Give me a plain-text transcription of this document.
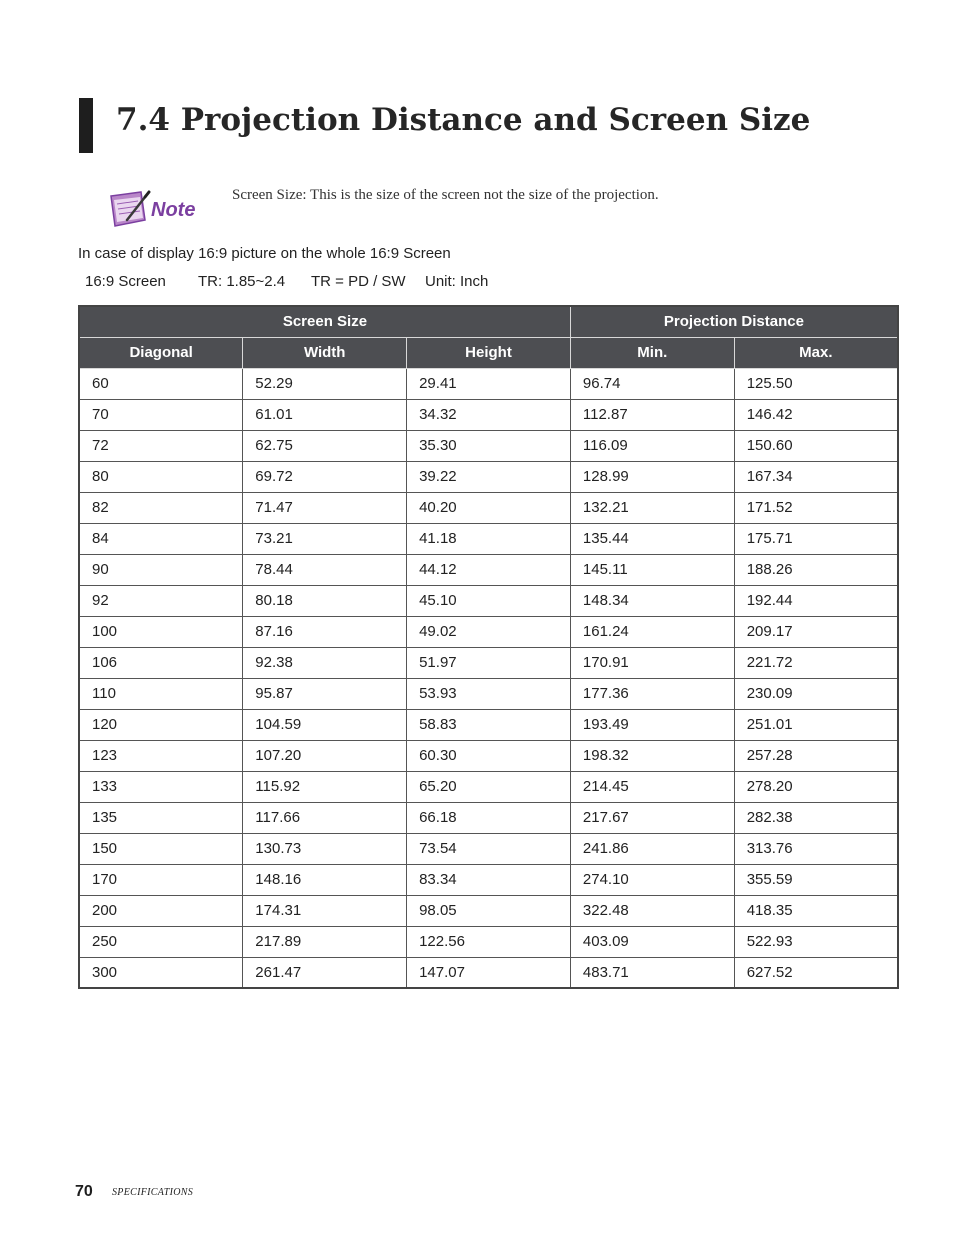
7.4 Projection Distance and Screen Size
Note

Screen Size: This is the size of the screen not the size of the projection.

In case of display 16:9 picture on the whole 16:9 Screen

16:9 Screen TR: 1.85~2.4 TR = PD / SW Unit: Inch

Screen Size			Projection Distance	
Diagonal	Width	Height	Min.	Max.
60	52.29	29.41	96.74	125.50
70	61.01	34.32	112.87	146.42
72	62.75	35.30	116.09	150.60
80	69.72	39.22	128.99	167.34
82	71.47	40.20	132.21	171.52
84	73.21	41.18	135.44	175.71
90	78.44	44.12	145.11	188.26
92	80.18	45.10	148.34	192.44
100	87.16	49.02	161.24	209.17
106	92.38	51.97	170.91	221.72
110	95.87	53.93	177.36	230.09
120	104.59	58.83	193.49	251.01
123	107.20	60.30	198.32	257.28
133	115.92	65.20	214.45	278.20
135	117.66	66.18	217.67	282.38
150	130.73	73.54	241.86	313.76
170	148.16	83.34	274.10	355.59
200	174.31	98.05	322.48	418.35
250	217.89	122.56	403.09	522.93
300	261.47	147.07	483.71	627.52
70 SPECIFICATIONS
